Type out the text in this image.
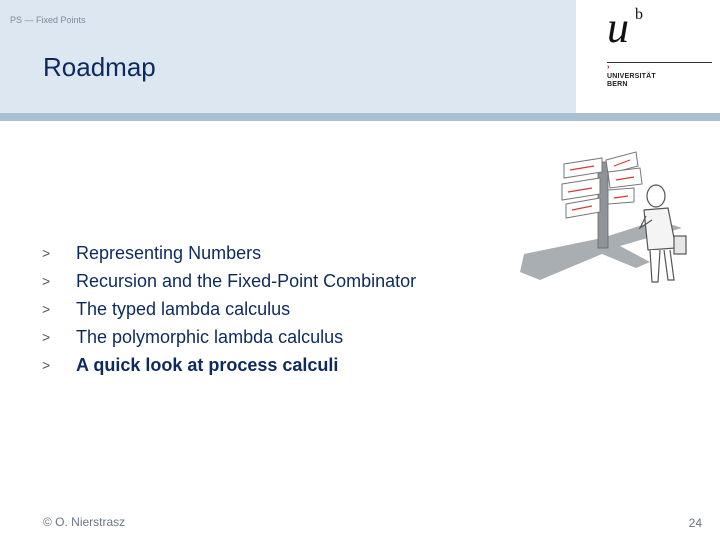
PS — Fixed Points
Roadmap
u b
›
UNIVERSITÄT
BERN
> Representing Numbers
> Recursion and the Fixed-Point Combinator
> The typed lambda calculus
> The polymorphic lambda calculus
> A quick look at process calculi
© O. Nierstrasz	24
